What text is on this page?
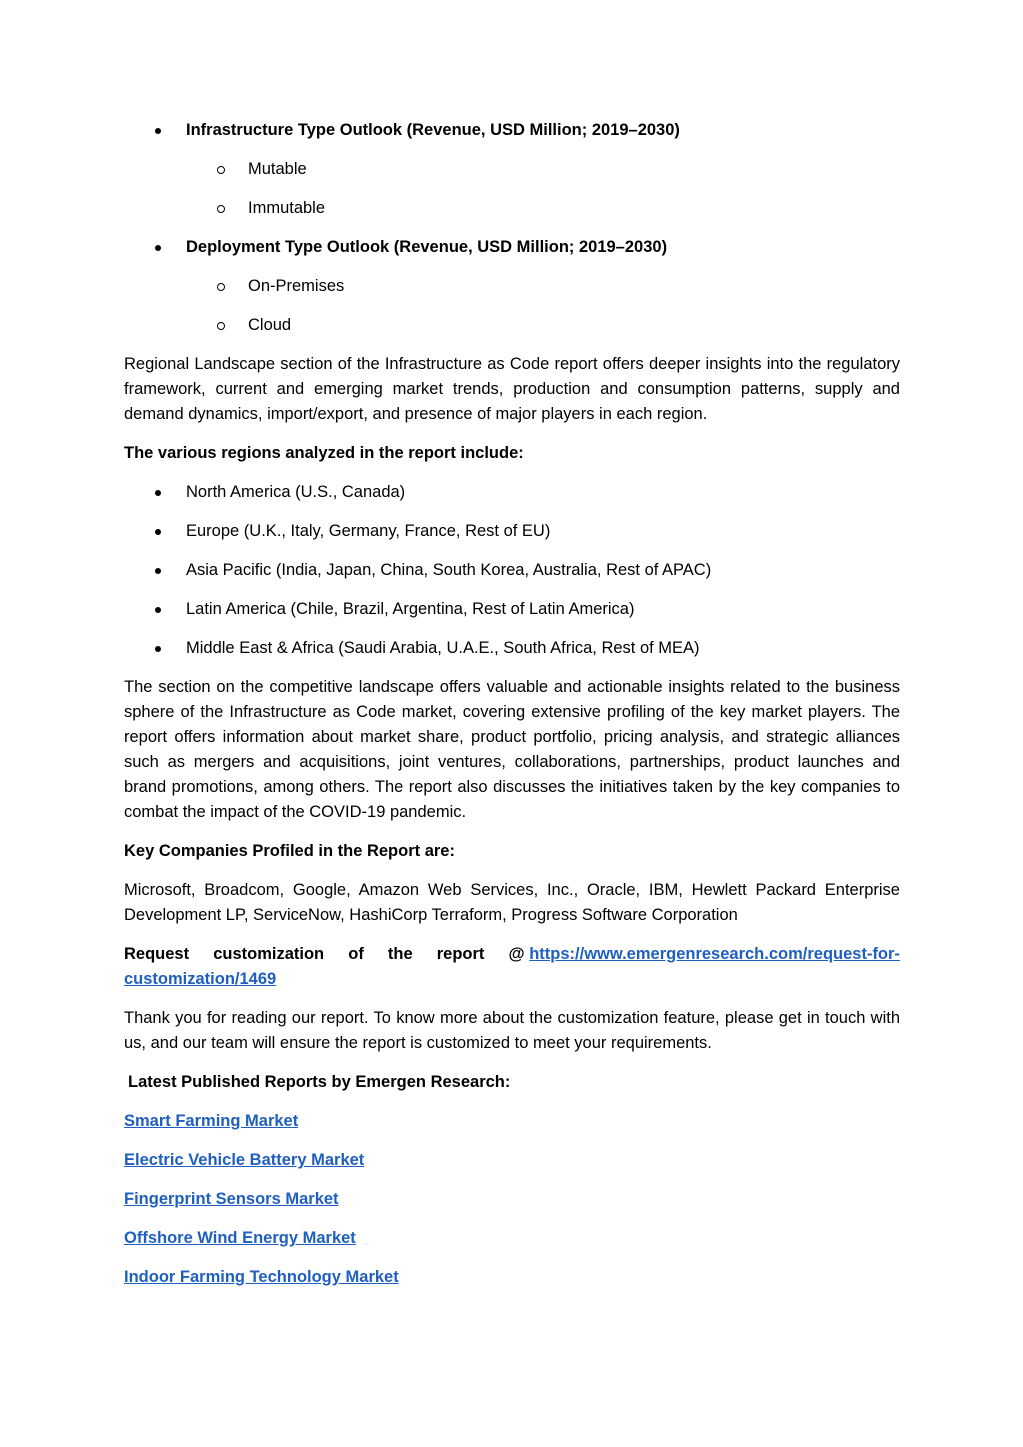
Infrastructure Type Outlook (Revenue, USD Million; 2019–2030)
Mutable
Immutable
Deployment Type Outlook (Revenue, USD Million; 2019–2030)
On-Premises
Cloud

Regional Landscape section of the Infrastructure as Code report offers deeper insights into the regulatory framework, current and emerging market trends, production and consumption patterns, supply and demand dynamics, import/export, and presence of major players in each region.

The various regions analyzed in the report include:
North America (U.S., Canada)
Europe (U.K., Italy, Germany, France, Rest of EU)
Asia Pacific (India, Japan, China, South Korea, Australia, Rest of APAC)
Latin America (Chile, Brazil, Argentina, Rest of Latin America)
Middle East & Africa (Saudi Arabia, U.A.E., South Africa, Rest of MEA)

The section on the competitive landscape offers valuable and actionable insights related to the business sphere of the Infrastructure as Code market, covering extensive profiling of the key market players. The report offers information about market share, product portfolio, pricing analysis, and strategic alliances such as mergers and acquisitions, joint ventures, collaborations, partnerships, product launches and brand promotions, among others. The report also discusses the initiatives taken by the key companies to combat the impact of the COVID-19 pandemic.

Key Companies Profiled in the Report are:

Microsoft, Broadcom, Google, Amazon Web Services, Inc., Oracle, IBM, Hewlett Packard Enterprise Development LP, ServiceNow, HashiCorp Terraform, Progress Software Corporation

Request customization of the report @ https://www.emergenresearch.com/request-for-
customization/1469

Thank you for reading our report. To know more about the customization feature, please get in touch with us, and our team will ensure the report is customized to meet your requirements.

Latest Published Reports by Emergen Research:
Smart Farming Market
Electric Vehicle Battery Market
Fingerprint Sensors Market
Offshore Wind Energy Market
Indoor Farming Technology Market
